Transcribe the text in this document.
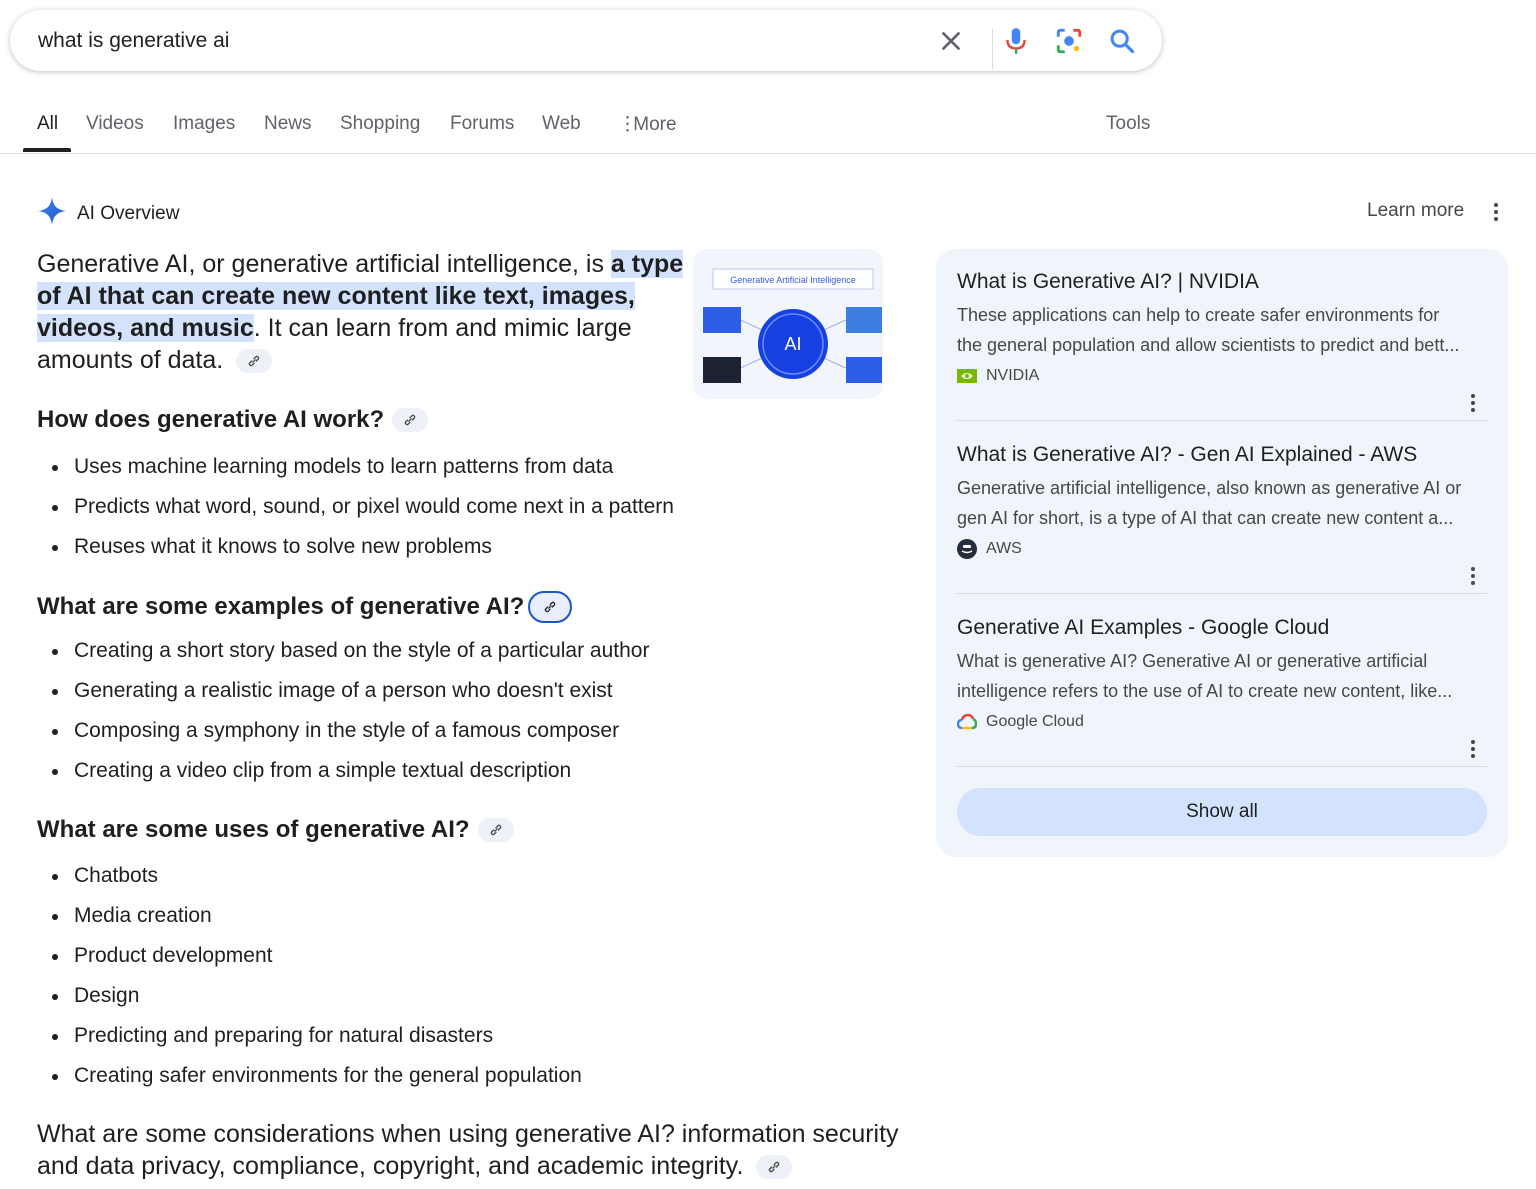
what is generative ai
All Videos Images News Shopping Forums Web ⋮ More	Tools
AI Overview	Learn more
Generative AI, or generative artificial intelligence, is a type of AI that can create new content like text, images, videos, and music. It can learn from and mimic large amounts of data.
Generative Artificial Intelligence
AI
How does generative AI work?
Uses machine learning models to learn patterns from data
Predicts what word, sound, or pixel would come next in a pattern
Reuses what it knows to solve new problems
What are some examples of generative AI?
Creating a short story based on the style of a particular author
Generating a realistic image of a person who doesn't exist
Composing a symphony in the style of a famous composer
Creating a video clip from a simple textual description
What are some uses of generative AI?
Chatbots
Media creation
Product development
Design
Predicting and preparing for natural disasters
Creating safer environments for the general population
What are some considerations when using generative AI? information security and data privacy, compliance, copyright, and academic integrity.
What is Generative AI? | NVIDIA
These applications can help to create safer environments for
the general population and allow scientists to predict and bett...
NVIDIA
What is Generative AI? - Gen AI Explained - AWS
Generative artificial intelligence, also known as generative AI or
gen AI for short, is a type of AI that can create new content a...
AWS
Generative AI Examples - Google Cloud
What is generative AI? Generative AI or generative artificial
intelligence refers to the use of AI to create new content, like...
Google Cloud
Show all
